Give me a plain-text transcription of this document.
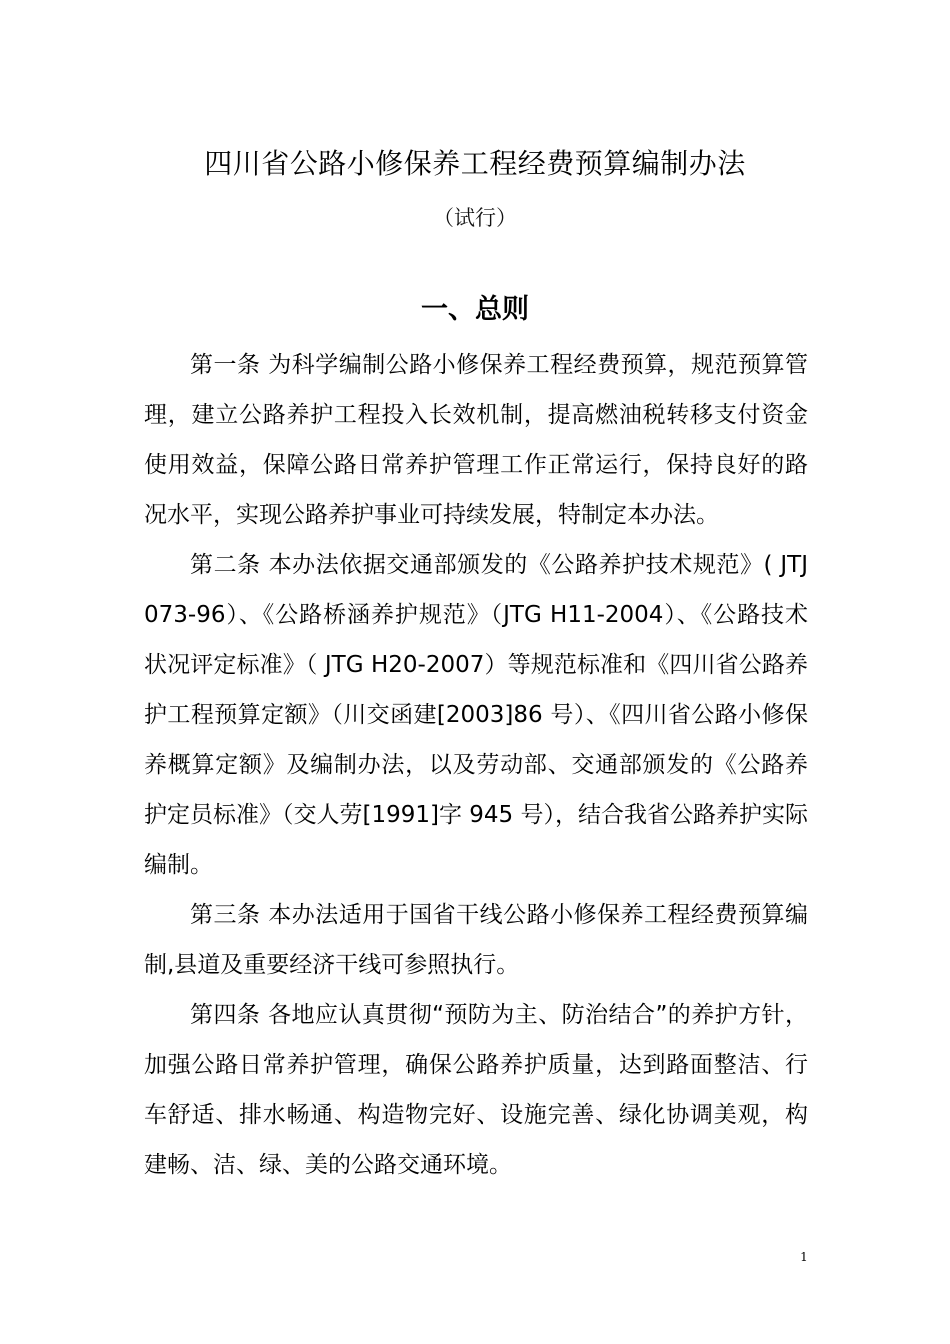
四川省公路小修保养工程经费预算编制办法
（试行）
一、总则

第一条 为科学编制公路小修保养工程经费预算，规范预算管理，建立公路养护工程投入长效机制，提高燃油税转移支付资金使用效益，保障公路日常养护管理工作正常运行，保持良好的路况水平，实现公路养护事业可持续发展，特制定本办法。

第二条 本办法依据交通部颁发的《公路养护技术规范》( JTJ 073-96）、《公路桥涵养护规范》（JTG H11-2004）、《公路技术状况评定标准》（ JTG H20-2007）等规范标准和《四川省公路养护工程预算定额》（川交函建[2003]86 号）、《四川省公路小修保养概算定额》及编制办法，以及劳动部、交通部颁发的《公路养护定员标准》（交人劳[1991]字 945 号），结合我省公路养护实际编制。

第三条 本办法适用于国省干线公路小修保养工程经费预算编制,县道及重要经济干线可参照执行。

第四条 各地应认真贯彻“预防为主、防治结合”的养护方针，加强公路日常养护管理，确保公路养护质量，达到路面整洁、行车舒适、排水畅通、构造物完好、设施完善、绿化协调美观，构建畅、洁、绿、美的公路交通环境。

1
